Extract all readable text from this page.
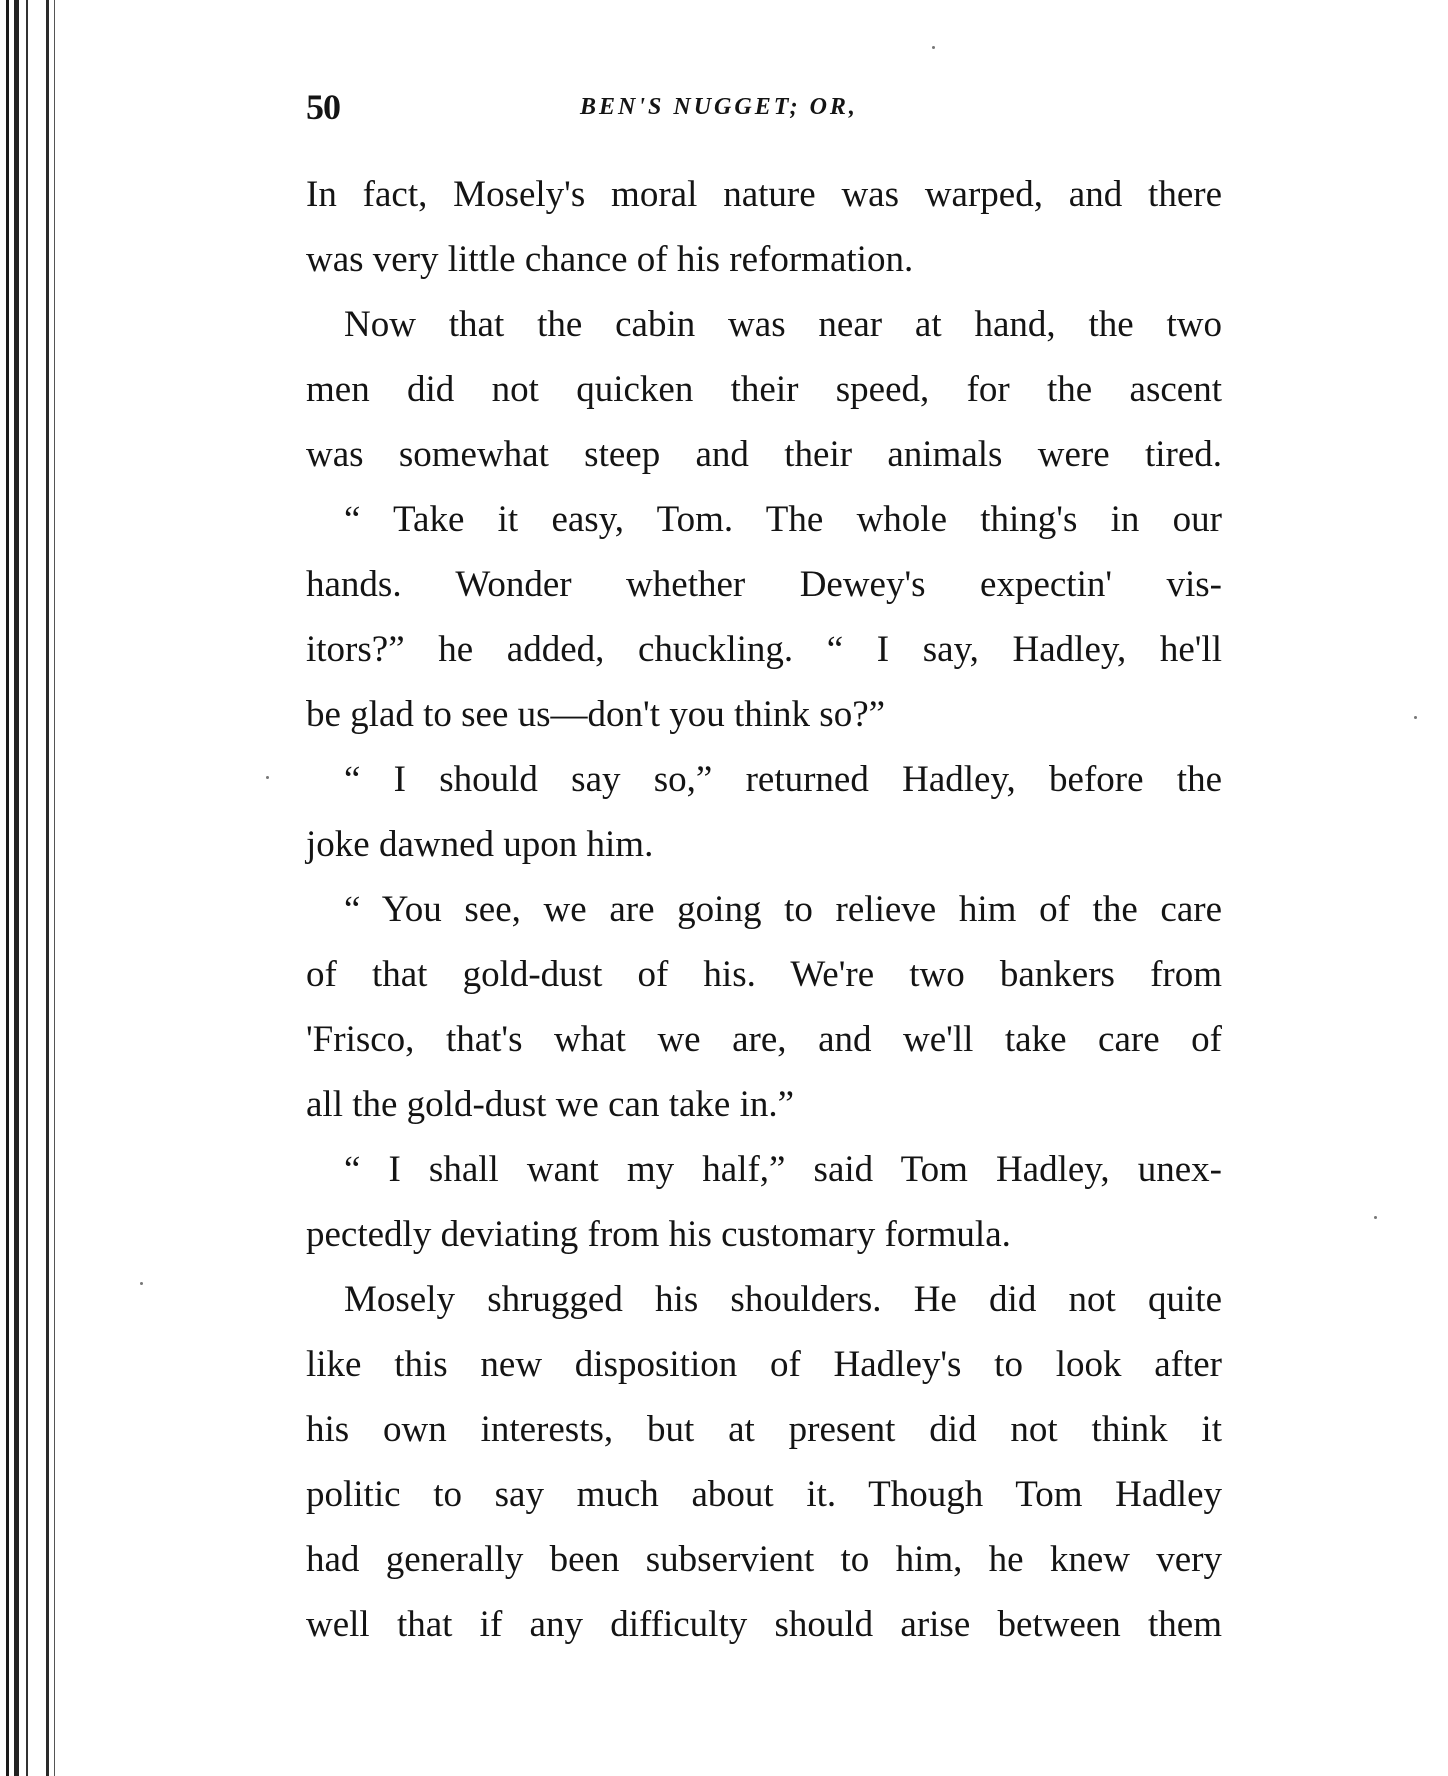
50	BEN'S NUGGET; OR,
In fact, Mosely's moral nature was warped, and there
was very little chance of his reformation.
Now that the cabin was near at hand, the two
men did not quicken their speed, for the ascent
was somewhat steep and their animals were tired.
“ Take it easy, Tom. The whole thing's in our
hands. Wonder whether Dewey's expectin' vis-
itors?” he added, chuckling. “ I say, Hadley, he'll
be glad to see us—don't you think so?”
“ I should say so,” returned Hadley, before the
joke dawned upon him.
“ You see, we are going to relieve him of the care
of that gold-dust of his. We're two bankers from
'Frisco, that's what we are, and we'll take care of
all the gold-dust we can take in.”
“ I shall want my half,” said Tom Hadley, unex-
pectedly deviating from his customary formula.
Mosely shrugged his shoulders. He did not quite
like this new disposition of Hadley's to look after
his own interests, but at present did not think it
politic to say much about it. Though Tom Hadley
had generally been subservient to him, he knew very
well that if any difficulty should arise between them
